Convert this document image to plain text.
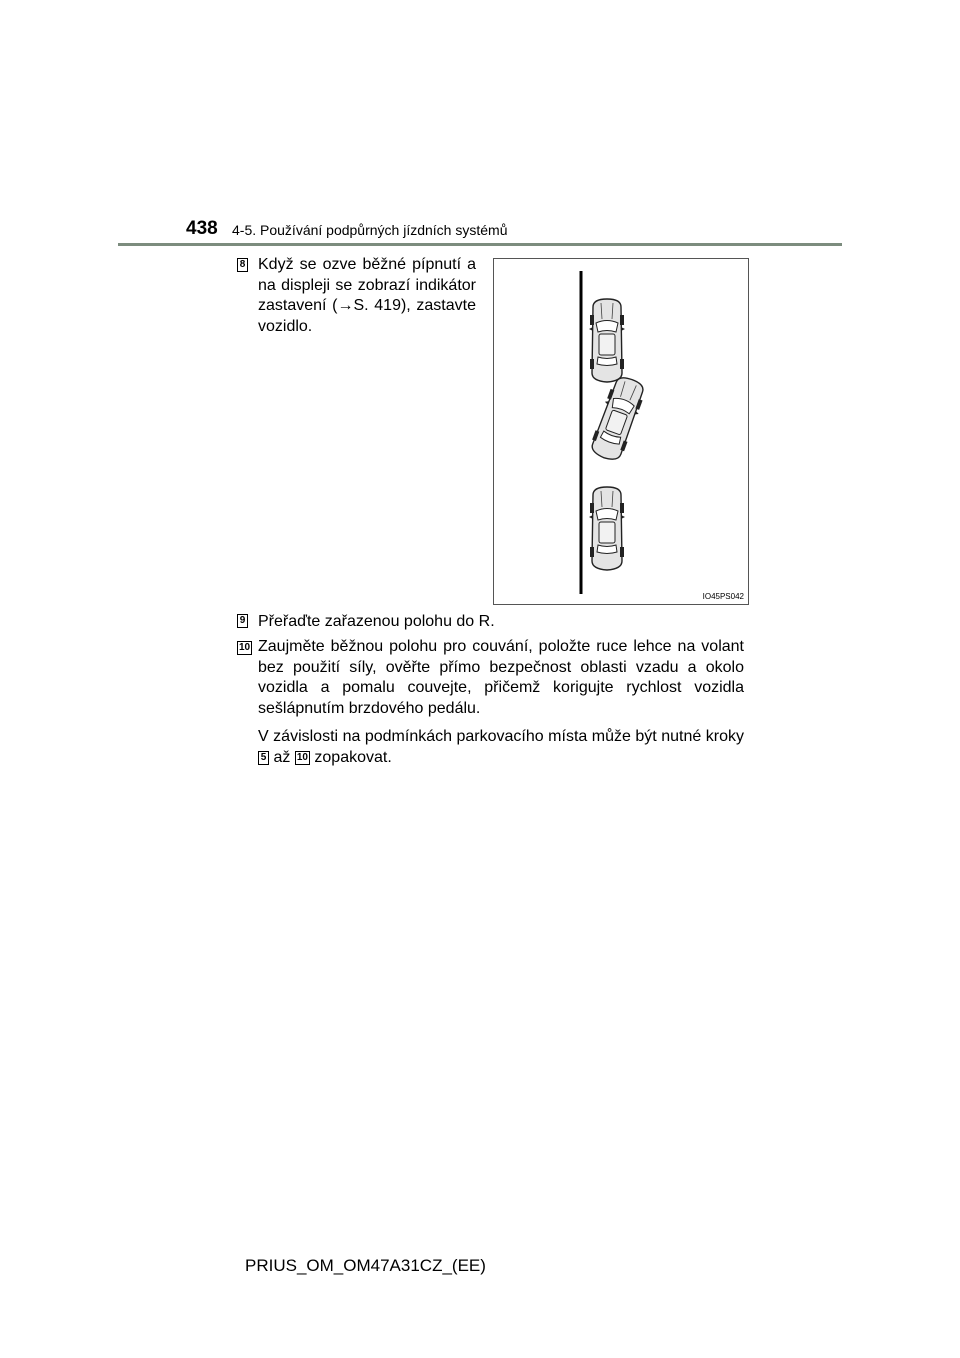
438 4-5. Používání podpůrných jízdních systémů
8 Když se ozve běžné pípnutí a na displeji se zobrazí indikátor zastavení (→S. 419), zastavte vozidlo.
IO45PS042
9 Přeřaďte zařazenou polohu do R.
10 Zaujměte běžnou polohu pro couvání, položte ruce lehce na volant bez použití síly, ověřte přímo bezpečnost oblasti vzadu a okolo vozidla a pomalu couvejte, přičemž korigujte rychlost vozidla sešlápnutím brzdového pedálu.
V závislosti na podmínkách parkovacího místa může být nutné kroky 5 až 10 zopakovat.
PRIUS_OM_OM47A31CZ_(EE)
